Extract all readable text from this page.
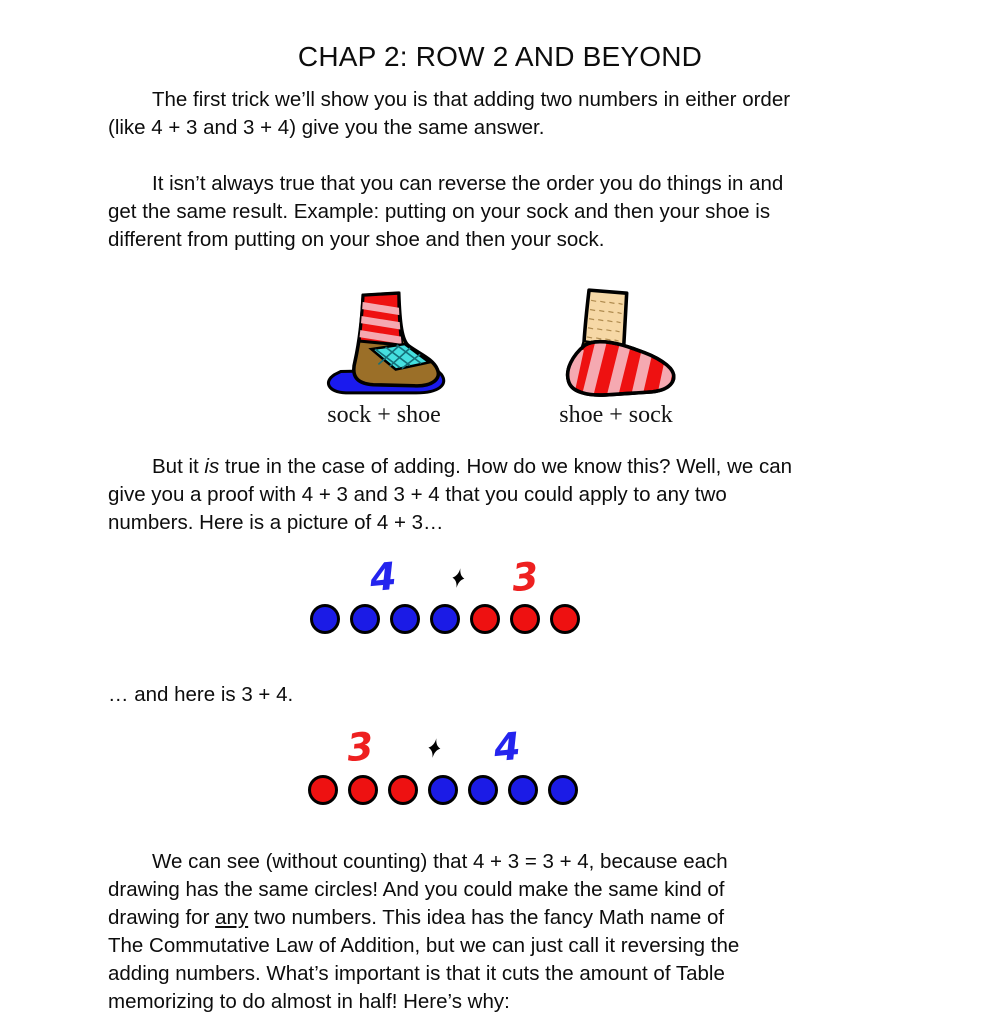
CHAP 2: ROW 2 AND BEYOND
The first trick we’ll show you is that adding two numbers in either order
(like 4 + 3 and 3 + 4) give you the same answer.
It isn’t always true that you can reverse the order you do things in and
get the same result. Example: putting on your sock and then your shoe is
different from putting on your shoe and then your sock.
sock + shoe	shoe + sock
But it is true in the case of adding. How do we know this? Well, we can
give you a proof with 4 + 3 and 3 + 4 that you could apply to any two
numbers. Here is a picture of 4 + 3…
4	3
… and here is 3 + 4.
3	4
We can see (without counting) that 4 + 3 = 3 + 4, because each
drawing has the same circles! And you could make the same kind of
drawing for any two numbers. This idea has the fancy Math name of
The Commutative Law of Addition, but we can just call it reversing the
adding numbers. What’s important is that it cuts the amount of Table
memorizing to do almost in half! Here’s why:
